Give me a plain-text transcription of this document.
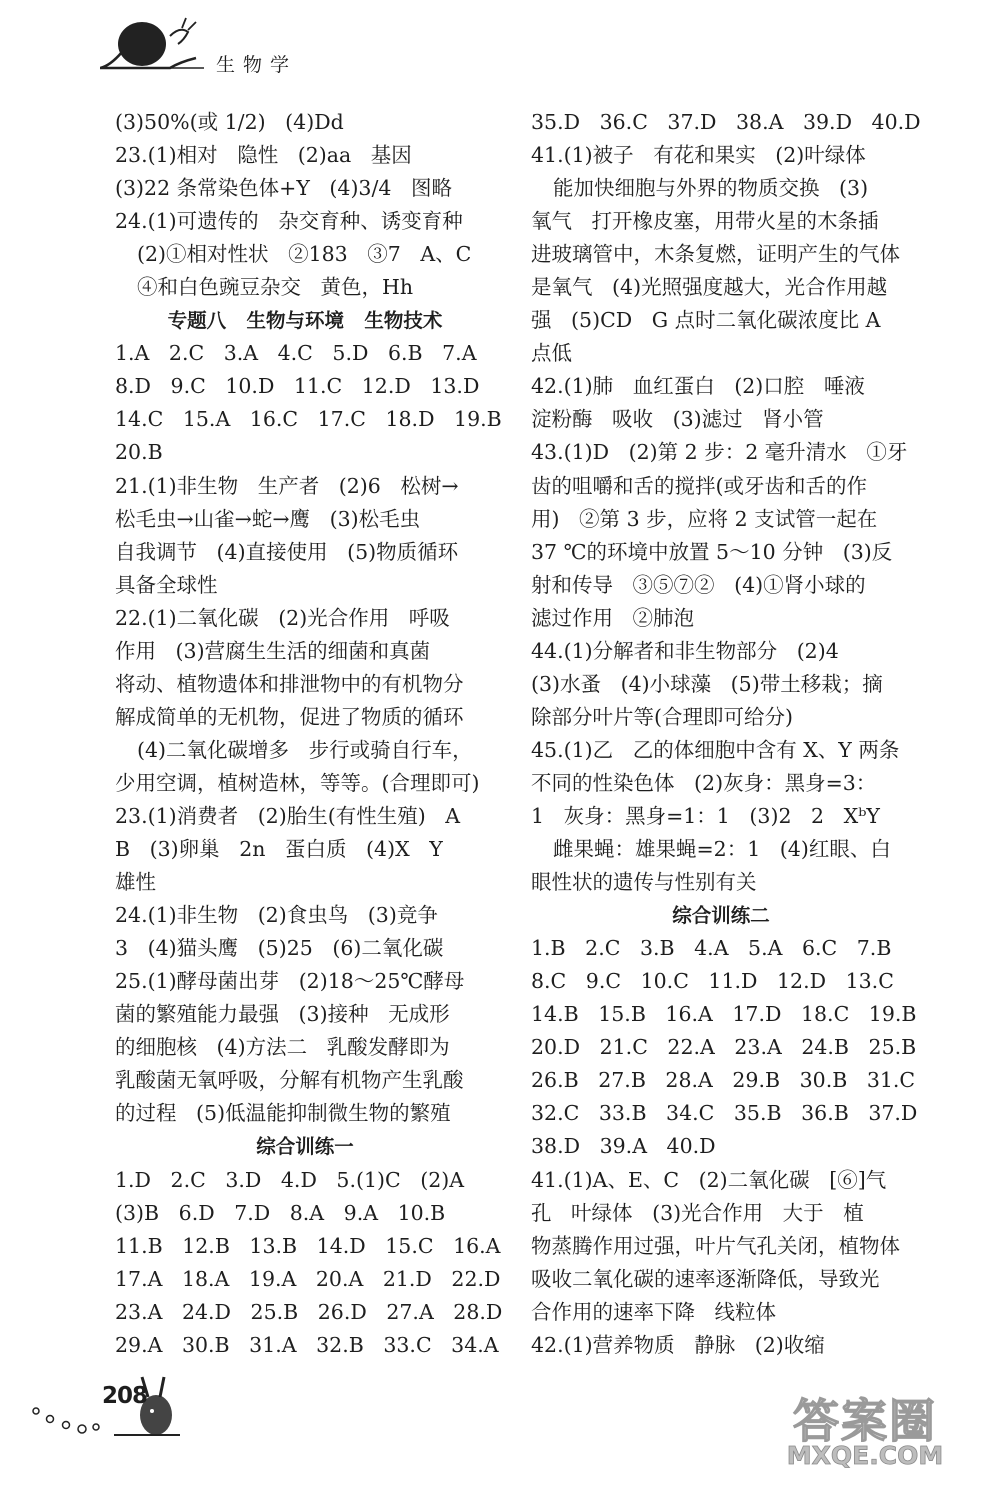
生物学
(3)50%(或 1/2)   (4)Dd
23.(1)相对   隐性   (2)aa   基因
(3)22 条常染色体+Y   (4)3/4   图略
24.(1)可遗传的   杂交育种、诱变育种
(2)①相对性状   ②183   ③7   A、C
④和白色豌豆杂交   黄色，Hh
专题八   生物与环境   生物技术
1.A   2.C   3.A   4.C   5.D   6.B   7.A
8.D   9.C   10.D   11.C   12.D   13.D
14.C   15.A   16.C   17.C   18.D   19.B
20.B
21.(1)非生物   生产者   (2)6   松树→
松毛虫→山雀→蛇→鹰   (3)松毛虫
自我调节   (4)直接使用   (5)物质循环
具备全球性
22.(1)二氧化碳   (2)光合作用   呼吸
作用   (3)营腐生生活的细菌和真菌
将动、植物遗体和排泄物中的有机物分
解成简单的无机物，促进了物质的循环
(4)二氧化碳增多   步行或骑自行车，
少用空调，植树造林，等等。(合理即可)
23.(1)消费者   (2)胎生(有性生殖)   A
B   (3)卵巢   2n   蛋白质   (4)X   Y
雄性
24.(1)非生物   (2)食虫鸟   (3)竞争
3   (4)猫头鹰   (5)25   (6)二氧化碳
25.(1)酵母菌出芽   (2)18～25℃酵母
菌的繁殖能力最强   (3)接种   无成形
的细胞核   (4)方法二   乳酸发酵即为
乳酸菌无氧呼吸，分解有机物产生乳酸
的过程   (5)低温能抑制微生物的繁殖
综合训练一
1.D   2.C   3.D   4.D   5.(1)C   (2)A
(3)B   6.D   7.D   8.A   9.A   10.B
11.B   12.B   13.B   14.D   15.C   16.A
17.A   18.A   19.A   20.A   21.D   22.D
23.A   24.D   25.B   26.D   27.A   28.D
29.A   30.B   31.A   32.B   33.C   34.A
35.D   36.C   37.D   38.A   39.D   40.D
41.(1)被子   有花和果实   (2)叶绿体
能加快细胞与外界的物质交换   (3)
氧气   打开橡皮塞，用带火星的木条插
进玻璃管中，木条复燃，证明产生的气体
是氧气   (4)光照强度越大，光合作用越
强   (5)CD   G 点时二氧化碳浓度比 A
点低
42.(1)肺   血红蛋白   (2)口腔   唾液
淀粉酶   吸收   (3)滤过   肾小管
43.(1)D   (2)第 2 步：2 毫升清水   ①牙
齿的咀嚼和舌的搅拌(或牙齿和舌的作
用)   ②第 3 步，应将 2 支试管一起在
37 ℃的环境中放置 5～10 分钟   (3)反
射和传导   ③⑤⑦②   (4)①肾小球的
滤过作用   ②肺泡
44.(1)分解者和非生物部分   (2)4
(3)水蚤   (4)小球藻   (5)带土移栽；摘
除部分叶片等(合理即可给分)
45.(1)乙   乙的体细胞中含有 X、Y 两条
不同的性染色体   (2)灰身：黑身=3：
1   灰身：黑身=1：1   (3)2   2   XᵇY
雌果蝇：雄果蝇=2：1   (4)红眼、白
眼性状的遗传与性别有关
综合训练二
1.B   2.C   3.B   4.A   5.A   6.C   7.B
8.C   9.C   10.C   11.D   12.D   13.C
14.B   15.B   16.A   17.D   18.C   19.B
20.D   21.C   22.A   23.A   24.B   25.B
26.B   27.B   28.A   29.B   30.B   31.C
32.C   33.B   34.C   35.B   36.B   37.D
38.D   39.A   40.D
41.(1)A、E、C   (2)二氧化碳   [⑥]气
孔   叶绿体   (3)光合作用   大于   植
物蒸腾作用过强，叶片气孔关闭，植物体
吸收二氧化碳的速率逐渐降低，导致光
合作用的速率下降   线粒体
42.(1)营养物质   静脉   (2)收缩
208	答案圈
MXQE.COM
